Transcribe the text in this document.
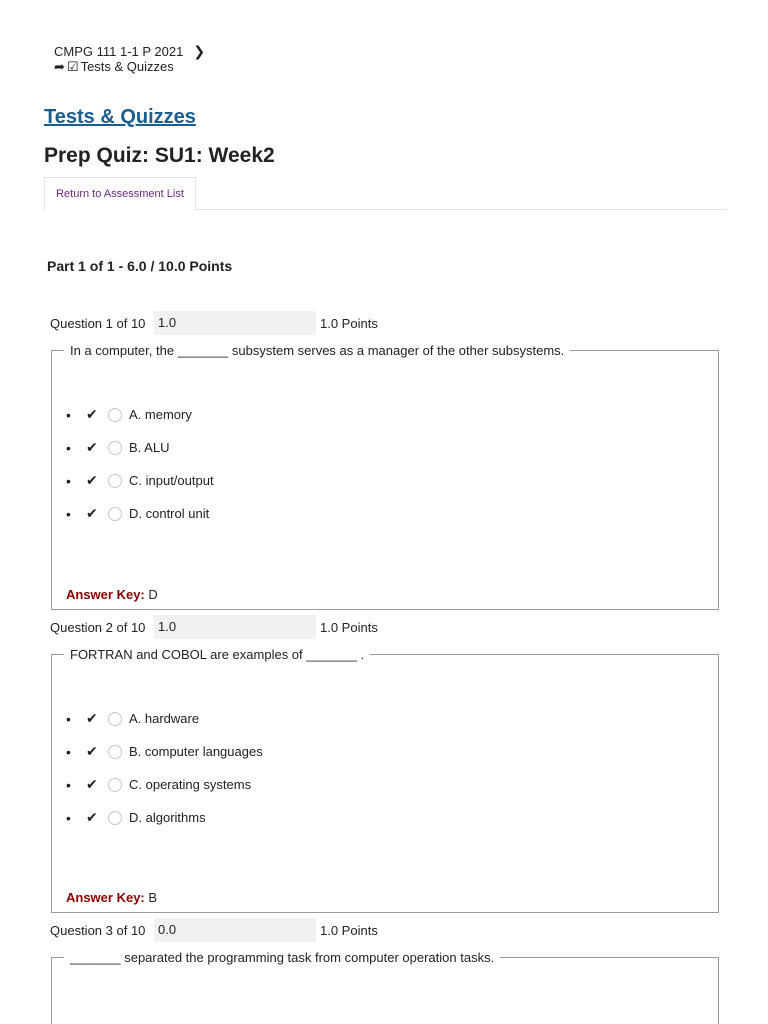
CMPG 111 1-1 P 2021 ❯
➦ ☑ Tests & Quizzes
Tests & Quizzes
Prep Quiz: SU1: Week2
Return to Assessment List
Part 1 of 1 - 6.0 / 10.0 Points
Question 1 of 10 1.0	1.0 Points
In a computer, the _______ subsystem serves as a manager of the other subsystems.
•	✔	A. memory
•	✔	B. ALU
•	✔	C. input/output
•	✔	D. control unit
Answer Key: D
Question 2 of 10 1.0	1.0 Points
FORTRAN and COBOL are examples of _______ .
•	✔	A. hardware
•	✔	B. computer languages
•	✔	C. operating systems
•	✔	D. algorithms
Answer Key: B
Question 3 of 10 0.0	1.0 Points
_______ separated the programming task from computer operation tasks.
